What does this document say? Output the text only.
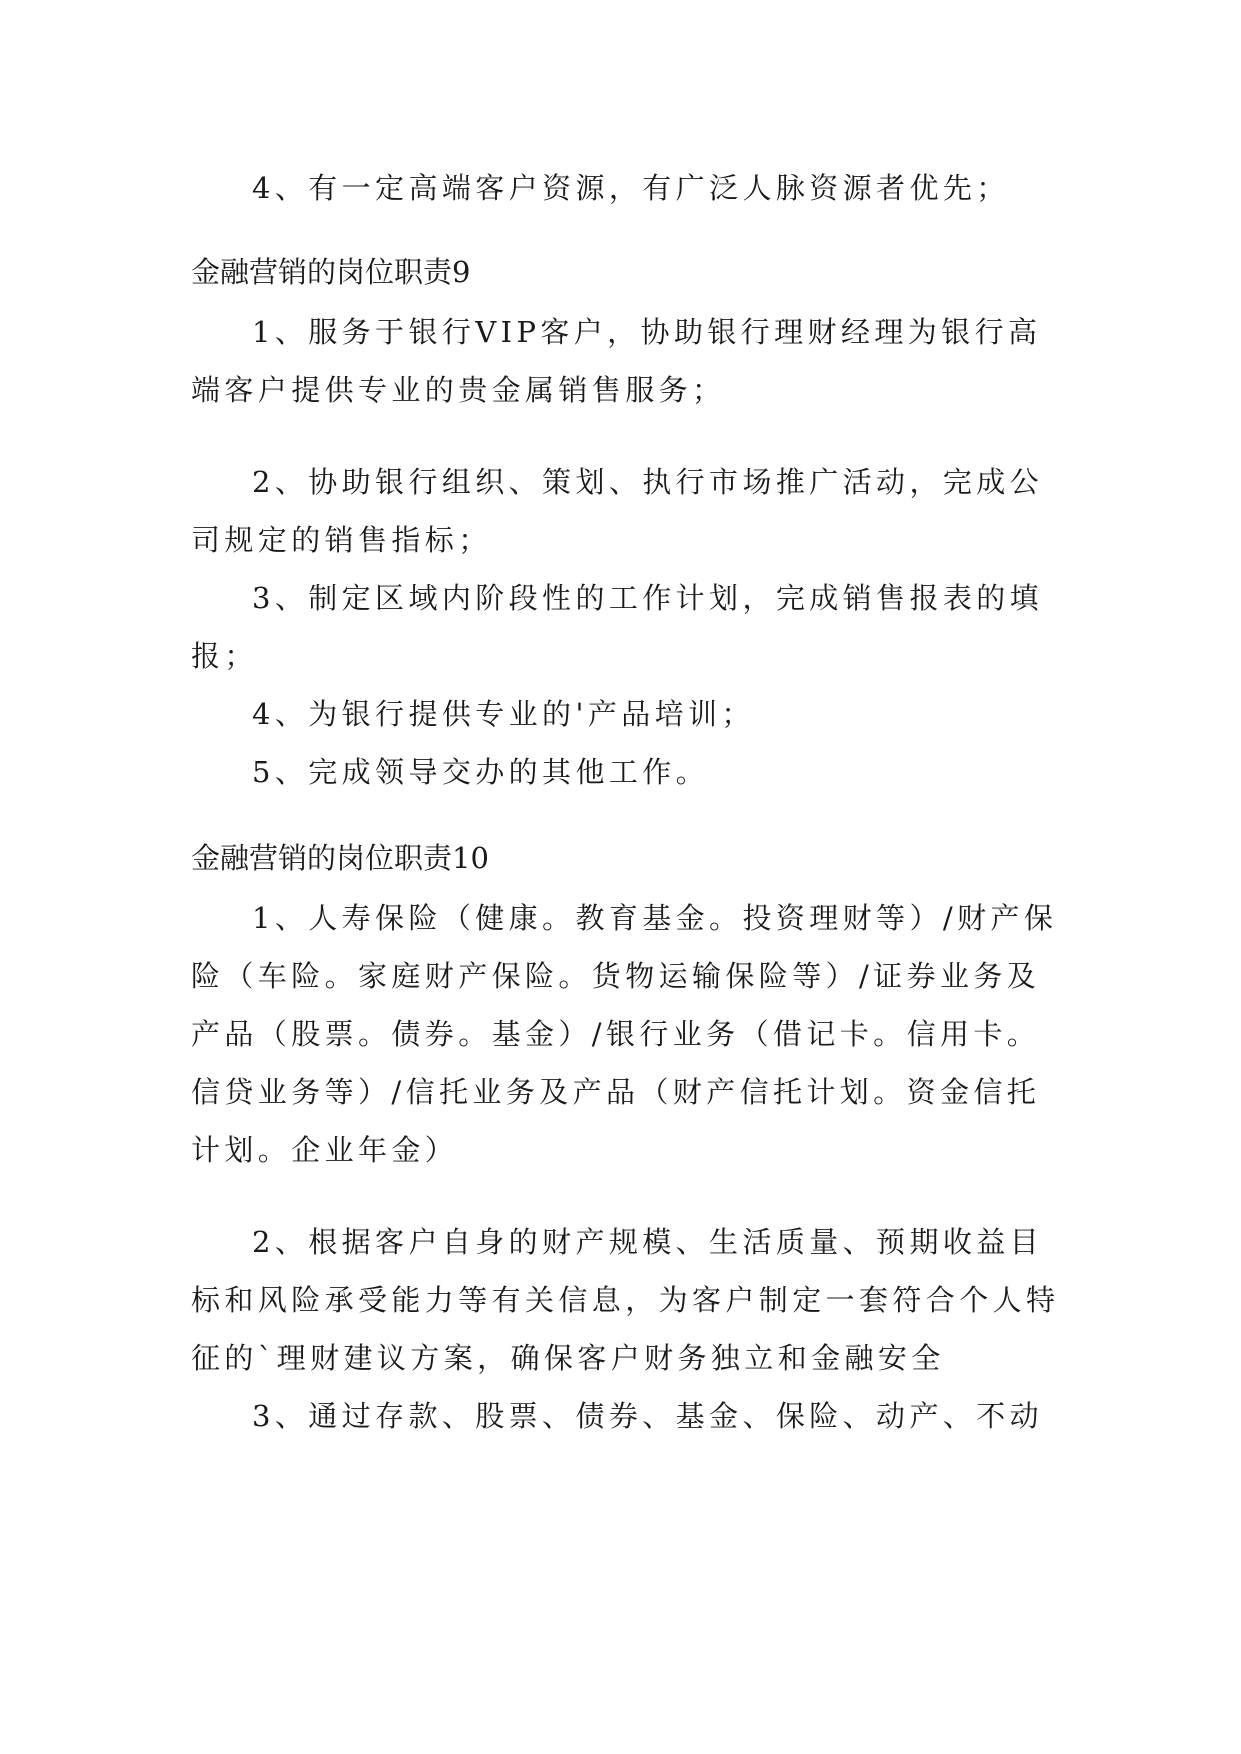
4、有一定高端客户资源，有广泛人脉资源者优先；
金融营销的岗位职责9
1、服务于银行VIP客户，协助银行理财经理为银行高
端客户提供专业的贵金属销售服务；
2、协助银行组织、策划、执行市场推广活动，完成公
司规定的销售指标；
3、制定区域内阶段性的工作计划，完成销售报表的填
报；
4、为银行提供专业的'产品培训；
5、完成领导交办的其他工作。
金融营销的岗位职责10
1、人寿保险（健康。教育基金。投资理财等）/财产保
险（车险。家庭财产保险。货物运输保险等）/证券业务及
产品（股票。债券。基金）/银行业务（借记卡。信用卡。
信贷业务等）/信托业务及产品（财产信托计划。资金信托
计划。企业年金）
2、根据客户自身的财产规模、生活质量、预期收益目
标和风险承受能力等有关信息，为客户制定一套符合个人特
征的`理财建议方案，确保客户财务独立和金融安全
3、通过存款、股票、债券、基金、保险、动产、不动
